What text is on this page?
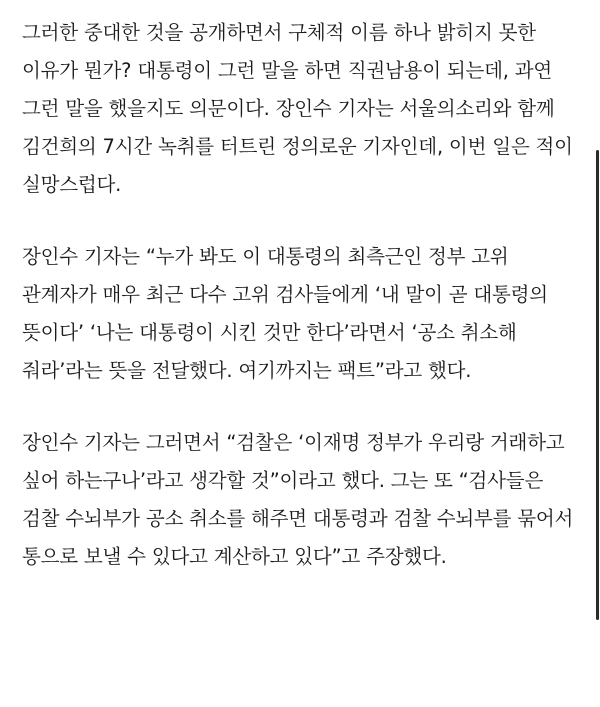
그러한 중대한 것을 공개하면서 구체적 이름 하나 밝히지 못한 이유가 뭔가? 대통령이 그런 말을 하면 직권남용이 되는데, 과연 그런 말을 했을지도 의문이다. 장인수 기자는 서울의소리와 함께 김건희의 7시간 녹취를 터트린 정의로운 기자인데, 이번 일은 적이 실망스럽다.

장인수 기자는 “누가 봐도 이 대통령의 최측근인 정부 고위 관계자가 매우 최근 다수 고위 검사들에게 ‘내 말이 곧 대통령의 뜻이다’ ‘나는 대통령이 시킨 것만 한다’라면서 ‘공소 취소해 줘라’라는 뜻을 전달했다. 여기까지는 팩트”라고 했다.

장인수 기자는 그러면서 “검찰은 ‘이재명 정부가 우리랑 거래하고 싶어 하는구나’라고 생각할 것”이라고 했다. 그는 또 “검사들은 검찰 수뇌부가 공소 취소를 해주면 대통령과 검찰 수뇌부를 묶어서 통으로 보낼 수 있다고 계산하고 있다”고 주장했다.
